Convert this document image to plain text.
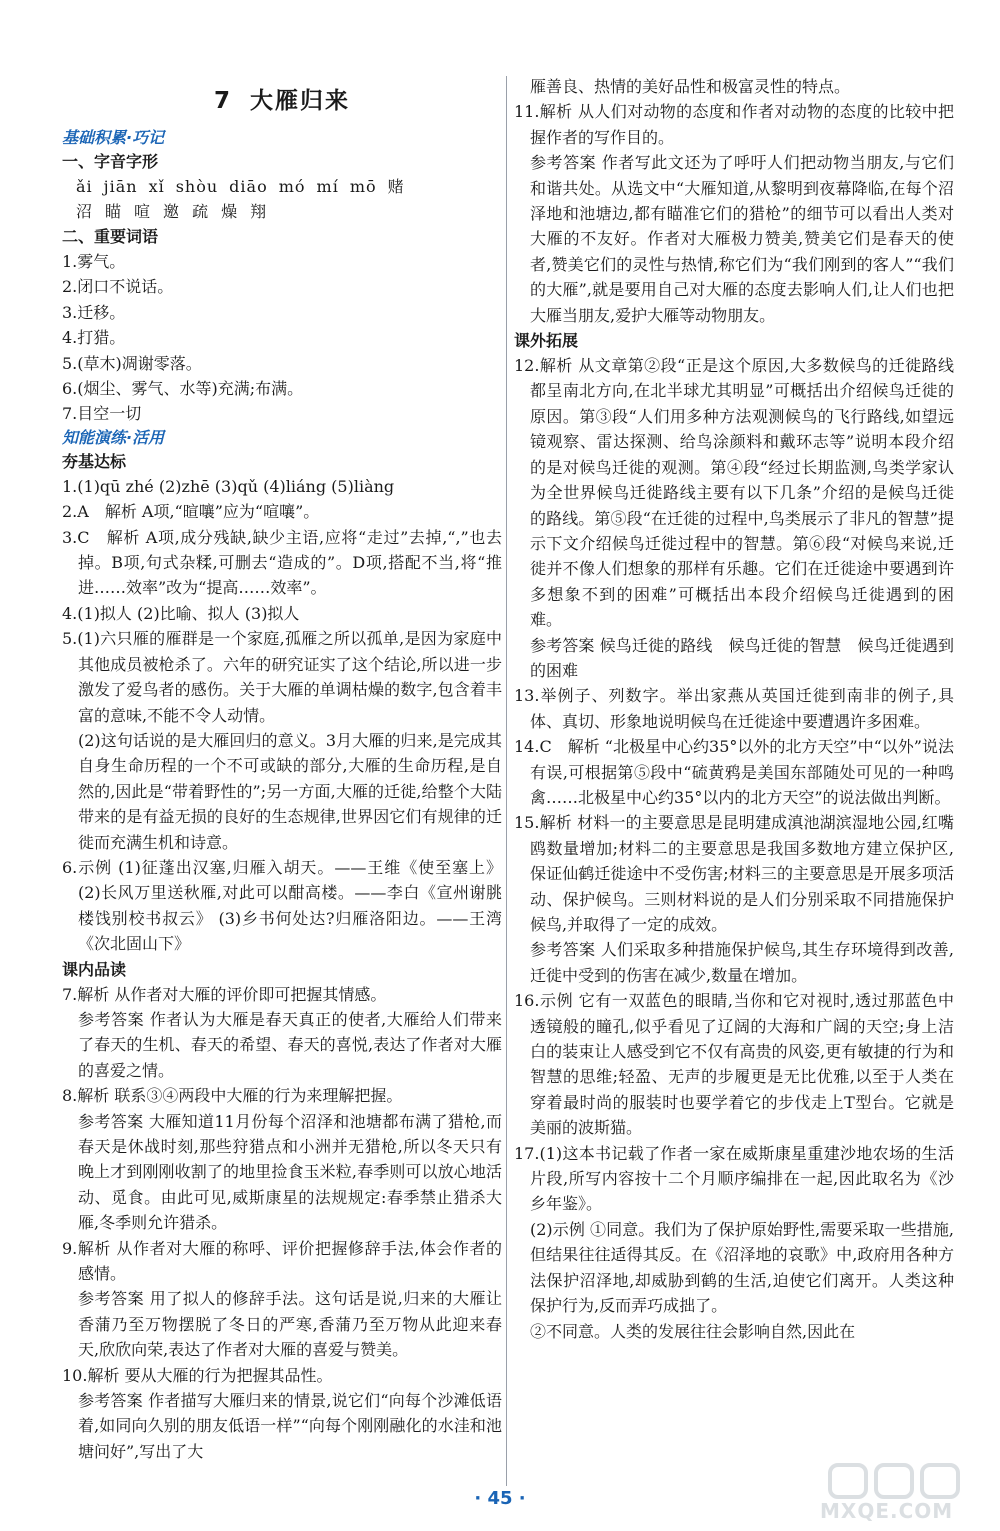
7 大雁归来
基础积累·巧记
一、字音字形
ǎi jiān xǐ shòu diāo mó mí mō 赌
沼 瞄 喧 邀 疏 燥 翔
二、重要词语
1.雾气。
2.闭口不说话。
3.迁移。
4.打猎。
5.(草木)凋谢零落。
6.(烟尘、雾气、水等)充满;布满。
7.目空一切
知能演练·活用
夯基达标
1.(1)qū zhé (2)zhē (3)qǔ (4)liáng (5)liàng
2.A　解析 A项,“暄嚷”应为“喧嚷”。
3.C　解析 A项,成分残缺,缺少主语,应将“走过”去掉,“,”也去掉。B项,句式杂糅,可删去“造成的”。D项,搭配不当,将“推进……效率”改为“提高……效率”。
4.(1)拟人 (2)比喻、拟人 (3)拟人
5.(1)六只雁的雁群是一个家庭,孤雁之所以孤单,是因为家庭中其他成员被枪杀了。六年的研究证实了这个结论,所以进一步激发了爱鸟者的感伤。关于大雁的单调枯燥的数字,包含着丰富的意味,不能不令人动情。
(2)这句话说的是大雁回归的意义。3月大雁的归来,是完成其自身生命历程的一个不可或缺的部分,大雁的生命历程,是自然的,因此是“带着野性的”;另一方面,大雁的迁徙,给整个大陆带来的是有益无损的良好的生态规律,世界因它们有规律的迁徙而充满生机和诗意。
6.示例 (1)征蓬出汉塞,归雁入胡天。——王维《使至塞上》 (2)长风万里送秋雁,对此可以酣高楼。——李白《宣州谢朓楼饯别校书叔云》 (3)乡书何处达?归雁洛阳边。——王湾《次北固山下》
课内品读
7.解析 从作者对大雁的评价即可把握其情感。
参考答案 作者认为大雁是春天真正的使者,大雁给人们带来了春天的生机、春天的希望、春天的喜悦,表达了作者对大雁的喜爱之情。
8.解析 联系③④两段中大雁的行为来理解把握。
参考答案 大雁知道11月份每个沼泽和池塘都布满了猎枪,而春天是休战时刻,那些狩猎点和小洲并无猎枪,所以冬天只有晚上才到刚刚收割了的地里捡食玉米粒,春季则可以放心地活动、觅食。由此可见,威斯康星的法规规定:春季禁止猎杀大雁,冬季则允许猎杀。
9.解析 从作者对大雁的称呼、评价把握修辞手法,体会作者的感情。
参考答案 用了拟人的修辞手法。这句话是说,归来的大雁让香蒲乃至万物摆脱了冬日的严寒,香蒲乃至万物从此迎来春天,欣欣向荣,表达了作者对大雁的喜爱与赞美。
10.解析 要从大雁的行为把握其品性。
参考答案 作者描写大雁归来的情景,说它们“向每个沙滩低语着,如同向久别的朋友低语一样”“向每个刚刚融化的水洼和池塘问好”,写出了大
雁善良、热情的美好品性和极富灵性的特点。
11.解析 从人们对动物的态度和作者对动物的态度的比较中把握作者的写作目的。
参考答案 作者写此文还为了呼吁人们把动物当朋友,与它们和谐共处。从选文中“大雁知道,从黎明到夜幕降临,在每个沼泽地和池塘边,都有瞄准它们的猎枪”的细节可以看出人类对大雁的不友好。作者对大雁极力赞美,赞美它们是春天的使者,赞美它们的灵性与热情,称它们为“我们刚到的客人”“我们的大雁”,就是要用自己对大雁的态度去影响人们,让人们也把大雁当朋友,爱护大雁等动物朋友。
课外拓展
12.解析 从文章第②段“正是这个原因,大多数候鸟的迁徙路线都呈南北方向,在北半球尤其明显”可概括出介绍候鸟迁徙的原因。第③段“人们用多种方法观测候鸟的飞行路线,如望远镜观察、雷达探测、给鸟涂颜料和戴环志等”说明本段介绍的是对候鸟迁徙的观测。第④段“经过长期监测,鸟类学家认为全世界候鸟迁徙路线主要有以下几条”介绍的是候鸟迁徙的路线。第⑤段“在迁徙的过程中,鸟类展示了非凡的智慧”提示下文介绍候鸟迁徙过程中的智慧。第⑥段“对候鸟来说,迁徙并不像人们想象的那样有乐趣。它们在迁徙途中要遇到许多想象不到的困难”可概括出本段介绍候鸟迁徙遇到的困难。
参考答案 候鸟迁徙的路线　候鸟迁徙的智慧　候鸟迁徙遇到的困难
13.举例子、列数字。举出家燕从英国迁徙到南非的例子,具体、真切、形象地说明候鸟在迁徙途中要遭遇许多困难。
14.C　解析 “北极星中心约35°以外的北方天空”中“以外”说法有误,可根据第⑤段中“硫黄鸦是美国东部随处可见的一种鸣禽……北极星中心约35°以内的北方天空”的说法做出判断。
15.解析 材料一的主要意思是昆明建成滇池湖滨湿地公园,红嘴鸥数量增加;材料二的主要意思是我国多数地方建立保护区,保证仙鹤迁徙途中不受伤害;材料三的主要意思是开展多项活动、保护候鸟。三则材料说的是人们分别采取不同措施保护候鸟,并取得了一定的成效。
参考答案 人们采取多种措施保护候鸟,其生存环境得到改善,迁徙中受到的伤害在减少,数量在增加。
16.示例 它有一双蓝色的眼睛,当你和它对视时,透过那蓝色中透镜般的瞳孔,似乎看见了辽阔的大海和广阔的天空;身上洁白的装束让人感受到它不仅有高贵的风姿,更有敏捷的行为和智慧的思维;轻盈、无声的步履更是无比优雅,以至于人类在穿着最时尚的服装时也要学着它的步伐走上T型台。它就是美丽的波斯猫。
17.(1)这本书记载了作者一家在威斯康星重建沙地农场的生活片段,所写内容按十二个月顺序编排在一起,因此取名为《沙乡年鉴》。
(2)示例 ①同意。我们为了保护原始野性,需要采取一些措施,但结果往往适得其反。在《沼泽地的哀歌》中,政府用各种方法保护沼泽地,却威胁到鹤的生活,迫使它们离开。人类这种保护行为,反而弄巧成拙了。
②不同意。人类的发展往往会影响自然,因此在
· 45 ·
MXQE.COM
